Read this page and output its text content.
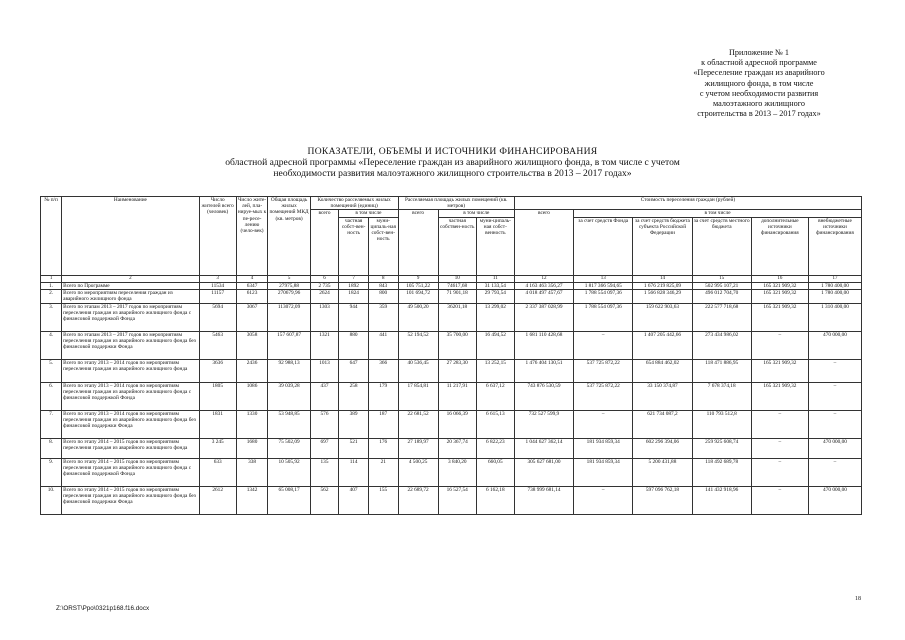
Приложение № 1
к областной адресной программе
«Переселение граждан из аварийного
жилищного фонда, в том числе
с учетом необходимости развития
малоэтажного жилищного
строительства в 2013 – 2017 годах»
ПОКАЗАТЕЛИ, ОБЪЕМЫ И ИСТОЧНИКИ ФИНАНСИРОВАНИЯ
областной адресной программы «Переселение граждан из аварийного жилищного фонда, в том числе с учетом
необходимости развития малоэтажного жилищного строительства в 2013 – 2017 годах»
№ п/п	Наименование	Число жителей всего (человек)	Число жите-лей, пла-нируе-мых к пе-ресе-лению (чело-век)	Общая площадь жилых помещений МКД (кв. метров)	Количество расселяемых жилых помещений (единиц)			Расселяемая площадь жилых помещений (кв. метров)			Стоимость переселения граждан (рублей)					
					всего	в том числе		всего	в том числе		всего	в том числе				
						частная собст-вен-ность	муни-ципаль-ная собст-вен-ность		частная собствен-ность	муни-ципаль-ная собст-венность		за счет средств Фонда	за счет средств бюджета субъекта Российской Федерации	за счет средств местного бюджета	дополнительные источники финансирования	внебюджетные источники финансирования
1	2	3	4	5	6	7	8	9	10	11	12	13	14	15	16	17
1.	Всего по Программе	11534	6347	27975,88	2 735	1892	843	105 751,22	74617,68	31 133,54	4 163 463 356,27	1 817 366 594,65	1 676 219 825,09	502 995 107,21	165 321 909,32	1 780 400,00
2.	Всего по мероприятиям переселения граждан из аварийного жилищного фонда	11157	6123	270679,96	2624	1824	800	101 694,72	71 901,18	29 793,54	4 018 497 457,67	1 788 554 097,36	1 566 828 346,29	496 012 704,70	165 321 909,32	1 780 400,00
3.	Всего по этапам 2013 – 2017 годов по мероприятиям переселения граждан из аварийного жилищного фонда с финансовой поддержкой Фонда	5694	3067	113072,09	1303	944	359	49 500,20	36201,18	13 299,02	2 337 387 028,99	1 788 554 097,36	159 622 903,63	222 577 718,68	165 321 909,32	1 310 400,00
4.	Всего по этапам 2013 – 2017 годов по мероприятиям переселения граждан из аварийного жилищного фонда без финансовой поддержки Фонда	5463	3058	157 607,87	1321	880	441	52 194,52	35 700,00	16 494,52	1 681 110 428,68	–	1 407 205 442,66	273 434 986,02	–	470 000,00
5.	Всего по этапу 2013 – 2014 годов по мероприятиям переселения граждан из аварийного жилищного фонда	3636	2436	92 988,13	1013	647	366	40 536,45	27 283,30	13 252,15	1 476 404 130,51	537 725 872,22	654 884 462,02	118 471 886,95	165 321 909,32	–
6.	Всего по этапу 2013 – 2014 годов по мероприятиям переселения граждан из аварийного жилищного фонда с финансовой поддержкой Фонда	1805	1086	39 039,28	437	258	179	17 854,81	11 217,91	6 637,12	743 876 530,59	537 725 872,22	33 150 374,87	7 678 374,18	165 321 909,32	–
7.	Всего по этапу 2013 – 2014 годов по мероприятиям переселения граждан из аварийного жилищного фонда без финансовой поддержки Фонда	1831	1330	53 948,85	576	389	187	22 681,52	16 066,39	6 615,13	732 527 599,9	–	621 734 087,2	110 793 512,8	–	–
8.	Всего по этапу 2014 – 2015 годов по мероприятиям переселения граждан из аварийного жилищного фонда	3 245	1680	75 502,09	697	521	176	27 189,97	20 367,74	6 822,23	1 044 627 362,14	181 934 859,34	602 296 394,06	259 925 608,74	–	470 000,00
9.	Всего по этапу 2014 – 2015 годов по мероприятиям переселения граждан из аварийного жилищного фонда с финансовой поддержкой Фонда	633	338	10 505,92	135	114	21	4 500,25	3 840,20	660,05	305 627 681,00	181 934 859,34	5 200 431,88	118 492 689,78	–	–
10.	Всего по этапу 2014 – 2015 годов по мероприятиям переселения граждан из аварийного жилищного фонда без финансовой поддержки Фонда	2612	1342	65 008,17	562	407	155	22 689,72	16 527,54	6 162,18	738 999 681,14	–	597 096 762,18	141 432 918,96	–	470 000,00
18
Z:\ORST\Ppo\0321p168.f16.docx
